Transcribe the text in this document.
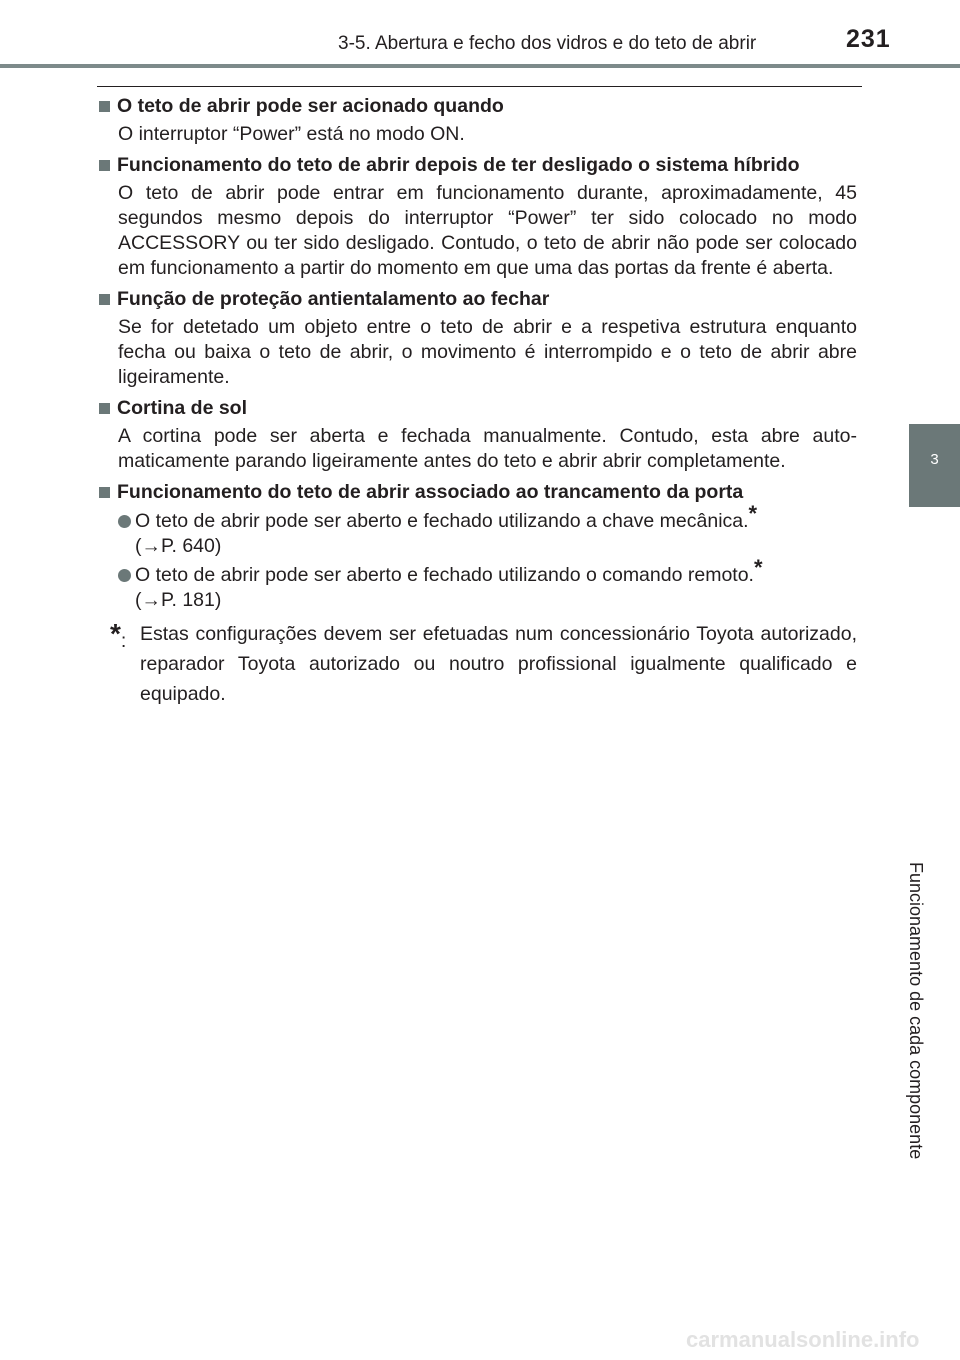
3-5. Abertura e fecho dos vidros e do teto de abrir	231
3
Funcionamento de cada componente
O teto de abrir pode ser acionado quando
O interruptor “Power” está no modo ON.
Funcionamento do teto de abrir depois de ter desligado o sistema híbrido
O teto de abrir pode entrar em funcionamento durante, aproximadamente, 45 segundos mesmo depois do interruptor “Power” ter sido colocado no modo ACCESSORY ou ter sido desligado. Contudo, o teto de abrir não pode ser colocado em funcionamento a partir do momento em que uma das portas da frente é aberta.
Função de proteção antientalamento ao fechar
Se for detetado um objeto entre o teto de abrir e a respetiva estrutura enquanto fecha ou baixa o teto de abrir, o movimento é interrompido e o teto de abrir abre ligeiramente.
Cortina de sol
A cortina pode ser aberta e fechada manualmente. Contudo, esta abre auto-maticamente parando ligeiramente antes do teto e abrir abrir completamente.
Funcionamento do teto de abrir associado ao trancamento da porta
O teto de abrir pode ser aberto e fechado utilizando a chave mecânica.*
(→P. 640)
O teto de abrir pode ser aberto e fechado utilizando o comando remoto.*
(→P. 181)
*: Estas configurações devem ser efetuadas num concessionário Toyota autorizado, reparador Toyota autorizado ou noutro profissional igualmente qualificado e equipado.
carmanualsonline.info
